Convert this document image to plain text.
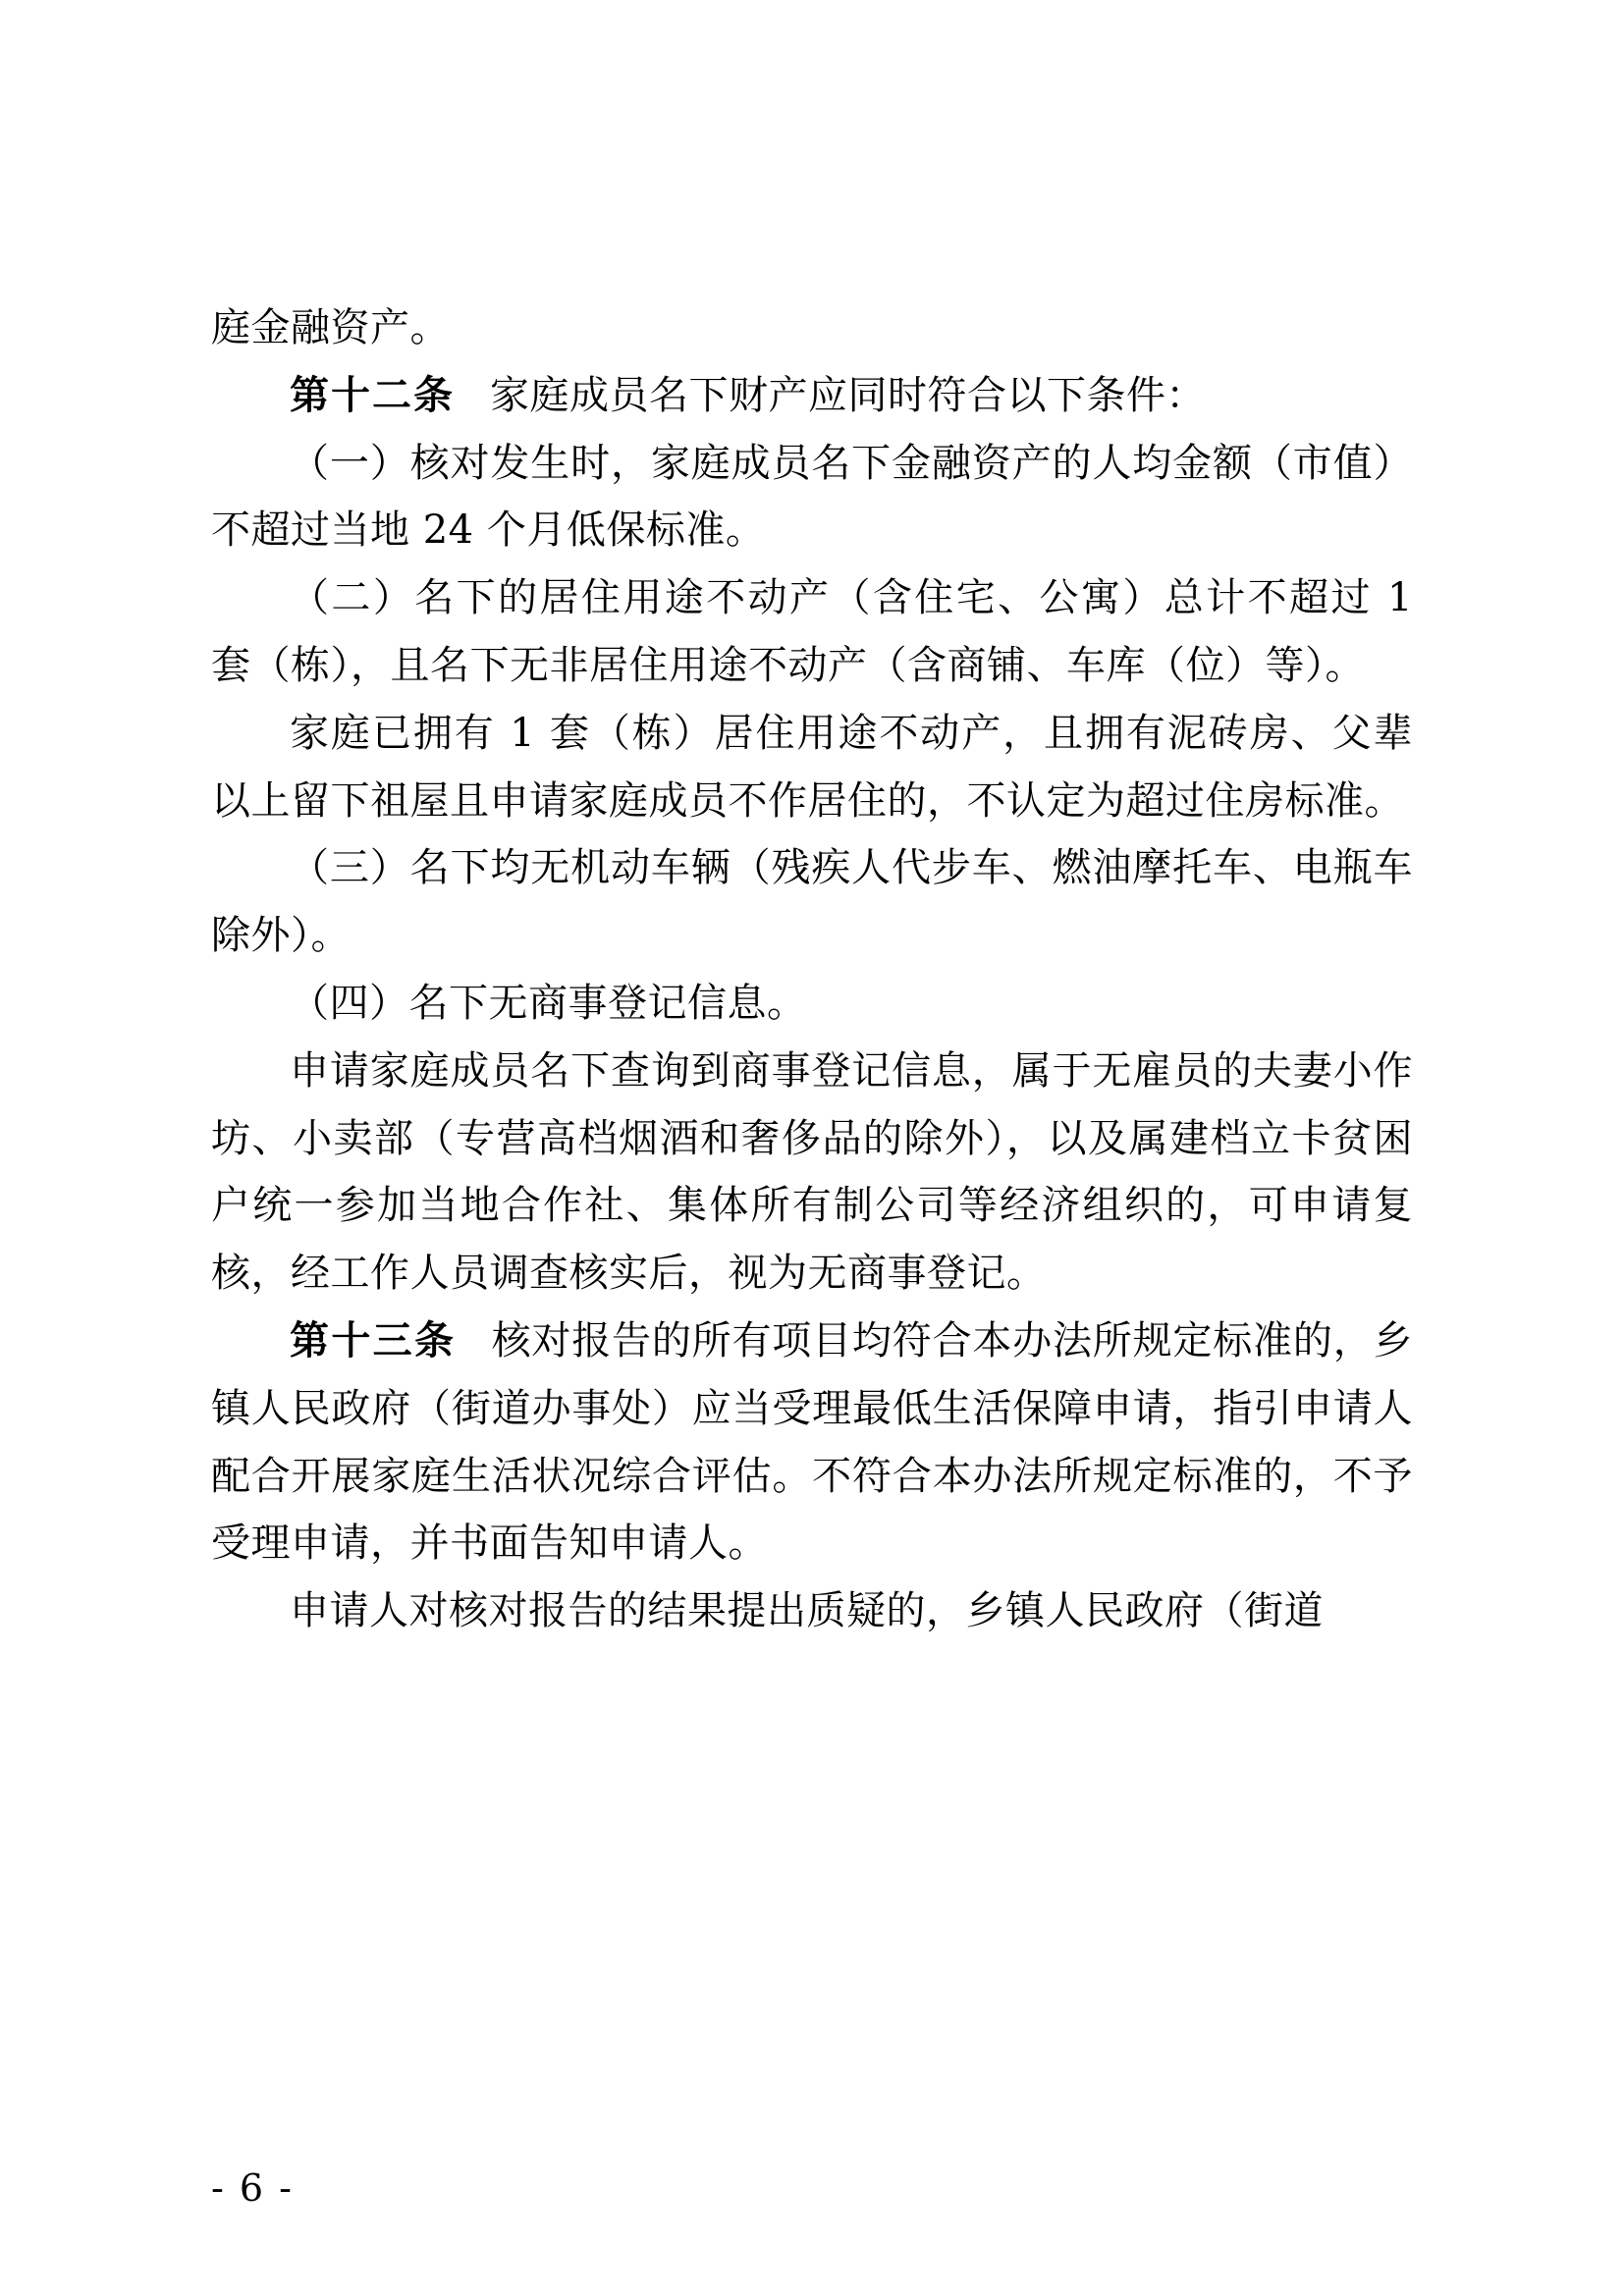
庭金融资产。

第十二条 家庭成员名下财产应同时符合以下条件：

（一）核对发生时，家庭成员名下金融资产的人均金额（市值）不超过当地 24 个月低保标准。

（二）名下的居住用途不动产（含住宅、公寓）总计不超过 1 套（栋），且名下无非居住用途不动产（含商铺、车库（位）等）。

家庭已拥有 1 套（栋）居住用途不动产，且拥有泥砖房、父辈以上留下祖屋且申请家庭成员不作居住的，不认定为超过住房标准。

（三）名下均无机动车辆（残疾人代步车、燃油摩托车、电瓶车除外）。

（四）名下无商事登记信息。

申请家庭成员名下查询到商事登记信息，属于无雇员的夫妻小作坊、小卖部（专营高档烟酒和奢侈品的除外），以及属建档立卡贫困户统一参加当地合作社、集体所有制公司等经济组织的，可申请复核，经工作人员调查核实后，视为无商事登记。

第十三条 核对报告的所有项目均符合本办法所规定标准的，乡镇人民政府（街道办事处）应当受理最低生活保障申请，指引申请人配合开展家庭生活状况综合评估。不符合本办法所规定标准的，不予受理申请，并书面告知申请人。

申请人对核对报告的结果提出质疑的，乡镇人民政府（街道

- 6 -
